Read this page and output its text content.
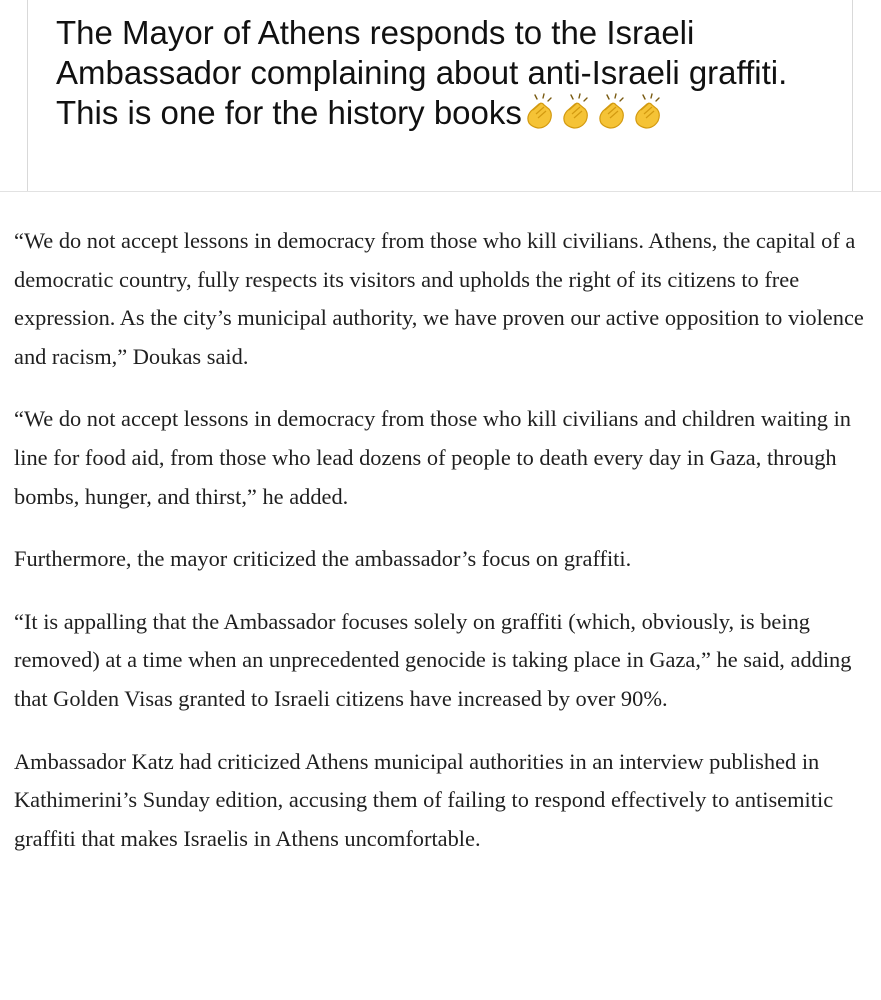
The Mayor of Athens responds to the Israeli Ambassador complaining about anti-Israeli graffiti. This is one for the history books

“We do not accept lessons in democracy from those who kill civilians. Athens, the capital of a democratic country, fully respects its visitors and upholds the right of its citizens to free expression. As the city’s municipal authority, we have proven our active opposition to violence and racism,” Doukas said.

“We do not accept lessons in democracy from those who kill civilians and children waiting in line for food aid, from those who lead dozens of people to death every day in Gaza, through bombs, hunger, and thirst,” he added.

Furthermore, the mayor criticized the ambassador’s focus on graffiti.

“It is appalling that the Ambassador focuses solely on graffiti (which, obviously, is being removed) at a time when an unprecedented genocide is taking place in Gaza,” he said, adding that Golden Visas granted to Israeli citizens have increased by over 90%.

Ambassador Katz had criticized Athens municipal authorities in an interview published in Kathimerini’s Sunday edition, accusing them of failing to respond effectively to antisemitic graffiti that makes Israelis in Athens uncomfortable.
